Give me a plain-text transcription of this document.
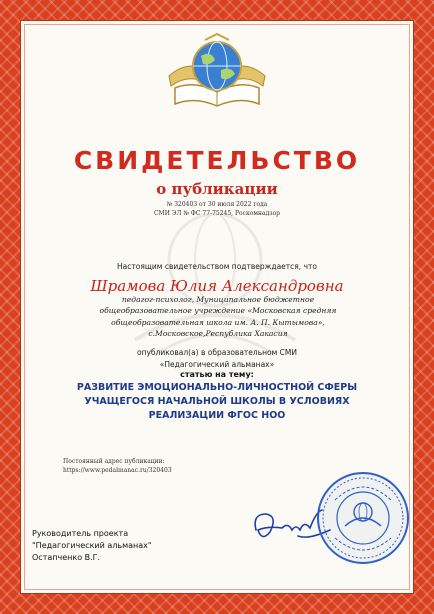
СВИДЕТЕЛЬСТВО
о публикации
№ 320403 от 30 июля 2022 года
СМИ ЭЛ № ФС 77-75245, Роскомнадзор
Настоящим свидетельством подтверждается, что
Шрамова Юлия Александровна
педагог-психолог, Муниципальное бюджетное общеобразовательное учреждение «Московская средняя общеобразовательная школа им. А. П. Кытымова», с.Московское,Республика Хакасия
опубликовал(а) в образовательном СМИ
«Педагогический альманах»
статью на тему:
РАЗВИТИЕ ЭМОЦИОНАЛЬНО-ЛИЧНОСТНОЙ СФЕРЫ УЧАЩЕГОСЯ НАЧАЛЬНОЙ ШКОЛЫ В УСЛОВИЯХ РЕАЛИЗАЦИИ ФГОС НОО
Постоянный адрес публикации:
https://www.pedalmanac.ru/320403
Руководитель проекта
"Педагогический альманах"
Остапченко В.Г.
